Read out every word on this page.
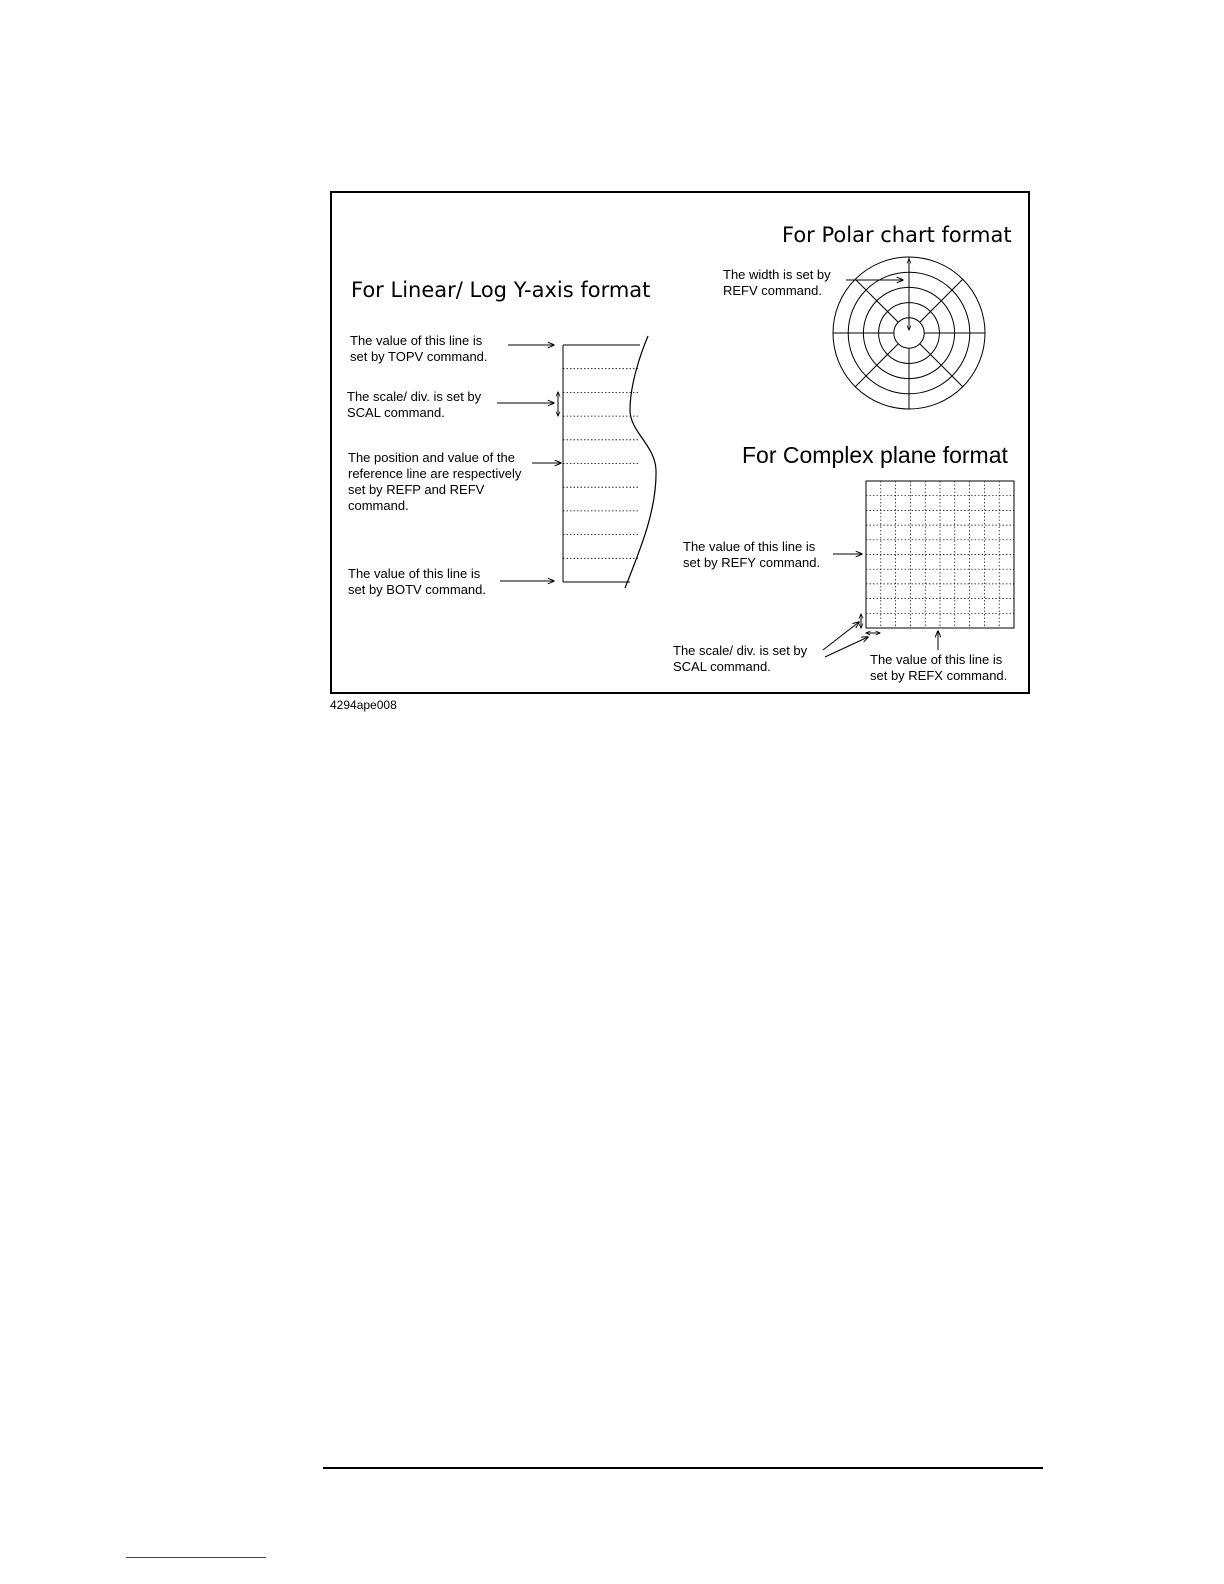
For Linear/ Log Y-axis format
For Polar chart format
For Complex plane format
The value of this line is
set by TOPV command.
The scale/ div. is set by
SCAL command.
The position and value of the
reference line are respectively
set by REFP and REFV
command.
The value of this line is
set by BOTV command.
The width is set by
REFV command.
The value of this line is
set by REFY command.
The scale/ div. is set by
SCAL command.	The value of this line is
set by REFX command.
4294ape008
